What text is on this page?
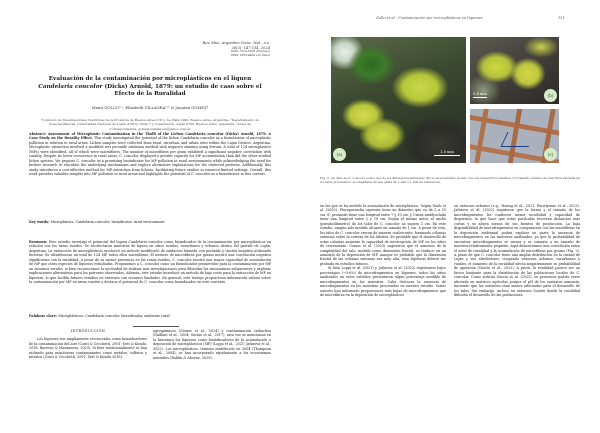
Rev. Mus. Argentino Cienc. Nat., n.s.
26(2): 147-154, 2024
ISSN 1514-5158 (impresa)
ISSN 1853-0400 (en línea)
Evaluación de la contaminación por microplásticos en el liquen
Candelaria concolor (Dicks) Arnold, 1879: un estudio de caso sobre el Efecto de la Ruralidad
Maira GOLLO¹˒², Elizabeth VILLAGRA¹˒² & Jonatan GOMEZ³
¹Comisión de Investigaciones Científicas de la Provincia de Buenos Aires (CIC). La Plata 1900, Buenos Aires, Argentina. ²Departamento de Ciencias Básicas, Universidad Nacional de Luján (UNLu). Ruta 7 y Constitución, Luján 6700, Buenos Aires, Argentina. ³Autor de Correspondencia. gomezjonatanjose@yahoo.com.ar
Abstract: Assessment of Microplastic Contamination in the Thalli of the Lichen Candelaria concolor (Dicks) Arnold, 1879: A Case Study on the Rurality Effect. This study investigated the potential of the lichen Candelaria concolor as a bioindicator of microplastic pollution in relation to rural areas. Lichen samples were collected from rural, rururban, and urban sites within the Luján District, Argentina. Microplastic extraction involved a modified wet peroxide oxidation method with negative staining using ferroin. A total of 124 microplastics (MPs) were identified, all of which were microfibers. The number of microfibers per gram exhibited a significant negative correlation with rurality. Despite its lower occurrence in rural areas, C. concolor displayed a greater capacity for MP accumulation than did the other studied lichen species. We propose C. concolor as a promising bioindicator for MP pollution in rural environments while acknowledging the need for further research to elucidate the underlying mechanisms and explore alternative explanations for the observed patterns. Additionally, this study introduces a cost-effective method for MP extraction from lichens, facilitating future studies in resource-limited settings. Overall, this work provides valuable insights into MP pollution in rural areas and highlights the potential of C. concolor as a bioindicator in this context.
Key words: Microplastics, Candelaria concolor, bioindicator, rural environment
Resumen: Este estudio investigó el potencial del liquen Candelaria concolor como bioindicador de la contaminación por microplásticos en relación con las áreas rurales. Se recolectaron muestras de liquen en sitios rurales, rururbanos y urbanos dentro del partido de Luján, Argentina. La extracción de microplásticos involucró un método modificado de oxidación húmeda con peróxido y tinción negativa utilizando ferroína. Se identificaron un total de 124 MP, todos ellos microfibras. El número de microfibras por gramo mostró una correlación negativa significativa con la ruralidad. A pesar de su menor presencia en las zonas rurales, C. concolor mostró una mayor capacidad de acumulación de MP que otras especies de líquenes estudiadas. Proponemos a C. concolor como un bioindicador prometedor para la contaminación por MP en entornos rurales, si bien reconocemos la necesidad de realizar más investigaciones para dilucidar los mecanismos subyacentes y explorar explicaciones alternativas para los patrones observados. Además, este estudio introduce un método de bajo costo para la extracción de MP en líquenes, lo que facilita futuros estudios en entornos con recursos limitados. En general, este trabajo proporciona información valiosa sobre la contaminación por MP en áreas rurales y destaca el potencial de C. concolor como bioindicador en este contexto.
Palabras clave: Microplásticos, Candelaria concolor, bioindicador, ambiente rural
INTRODUCCIÓN

Los líquenes son ampliamente reconocidos como bioindicadores de la contaminación del aire (Conti & Cecchetti, 2001; Sett & Kundu, 2016; Barreno & Manzanera, 2023). Si bien tradicionalmente se han utilizado para monitorear contaminantes como metales, sulfatos y nitratos (Conti & Cecchetti, 2001; Sett & Kundu 2016),

agroquímicos (Gómez et al., 2024) y contaminación radiactiva (Daillant et al., 2004; Savino et al., 2017), rara vez se mencionan en la literatura los líquenes como bioindicadores de la acumulación o deposición de microplásticos (MP) (Loppi et al., 2021; Jafarova et al., 2022). Los microplásticos, término establecido en 2004 (Thompson et al., 2004), se han incorporado rápidamente a los ecosistemas naturales (Roblin & Aherne, 2020).

Gollo et al.: Contaminación por microplásticos en líquenes	151
1,5 mm
(a)
0,4 mm	(b)
(c)
Fig. 3. (A) Talo de C. concolor sobre uno de los árboles muestreados; (B) se acercamiento al talo con sus respectivos detalles; (C) Tamaño relativo de una fibra extraída de los talos procesados, acompañada de una grilla de 1 mm x 1 mm de referencia.

en las que se ha medido la acumulación de microplástico. Según Nash et al. (2002), Flavoparmelia caperata tiene un diámetro que va de 5 a 20 cm, E. prunastri tiene una longitud entre 7 y 10 cm, y Usnea amblyoclada tiene una longitud entre 2 y 10 cm. Según el mismo autor, el ancho (pseudodiámetro) de los talos de C. concolor no supera 1 cm. En este estudio, ningún talo medido alcanzó un tamaño de 1 cm. A pesar de esto, los talos de C. concolor crecen de manera coalescente, formando colonias extensas sobre la corteza de los árboles. Es probable que el desarrollo de estas colonias aumente la capacidad de intercepción de MP en los sitios de crecimiento. Gomes et al. (2023) sugirieron que el aumento de la complejidad del talo, medido como dimensión fractal, se traduce en un aumento de la deposición de MP. Aunque es probable que la dimensión fractal de las colonias extensas sea muy alta, esta hipótesis deberá ser probada en estudios futuros.

Si bien Loppi et al. (2021) y Jafarova et al. (2022) registraron bajos porcentajes (~5-6%) de microfragmentos en líquenes, todos los sitios analizados en estos estudios presentaron algún porcentaje medible de microfragmentos en las muestras. Cabe destacar la ausencia de microfragmentos en las muestras procesadas en nuestro estudio. Varios autores han informado proporciones más bajas de microfragmentos que de microfibras en la deposición de microplásticos

en entornos urbanos (e.g., Huang et al., 2021; Purwiyanto et al., 2022). Jafarova et al. (2022) sugirieron que la forma y el tamaño de los microfragmentos les confieren menor movilidad y capacidad de dispersión, lo que hace que estas partículas recorran distancias más cortas y se alejen menos de sus fuentes de producción. La baja disponibilidad de microfragmentos en comparación con las microfibras en la deposición ambiental podría explicar en parte la ausencia de microfragmentos en las muestras analizadas, ya que la probabilidad de encontrar microfragmentos se menor y se sumaría a un tamaño de muestra relativamente pequeño. Aquí demostramos una correlación entre el nivel de ruralidad y la acumulación de microfibras por gramo (Fig. 2). A pesar de que C. concolor tiene una amplia distribución en la ciudad de Luján y sus alrededores, ocupando entornos urbanos, rururbanos y rurales, el aumento de la ruralidad afecta negativamente su probabilidad de aparición (García et al., 2023). A priori, la ruralidad parece ser un factor limitante para la distribución de las poblaciones locales de C. concolor. Como indican García et al. (2023), su presencia podría verse afectada en matrices agrícolas porque el pH de los sustratos aumenta, haciendo que los sustratos sean menos adecuados para el desarrollo de los talos. Sin embargo, incluso en entornos locales donde la ruralidad dificulta el desarrollo de las poblaciones,
